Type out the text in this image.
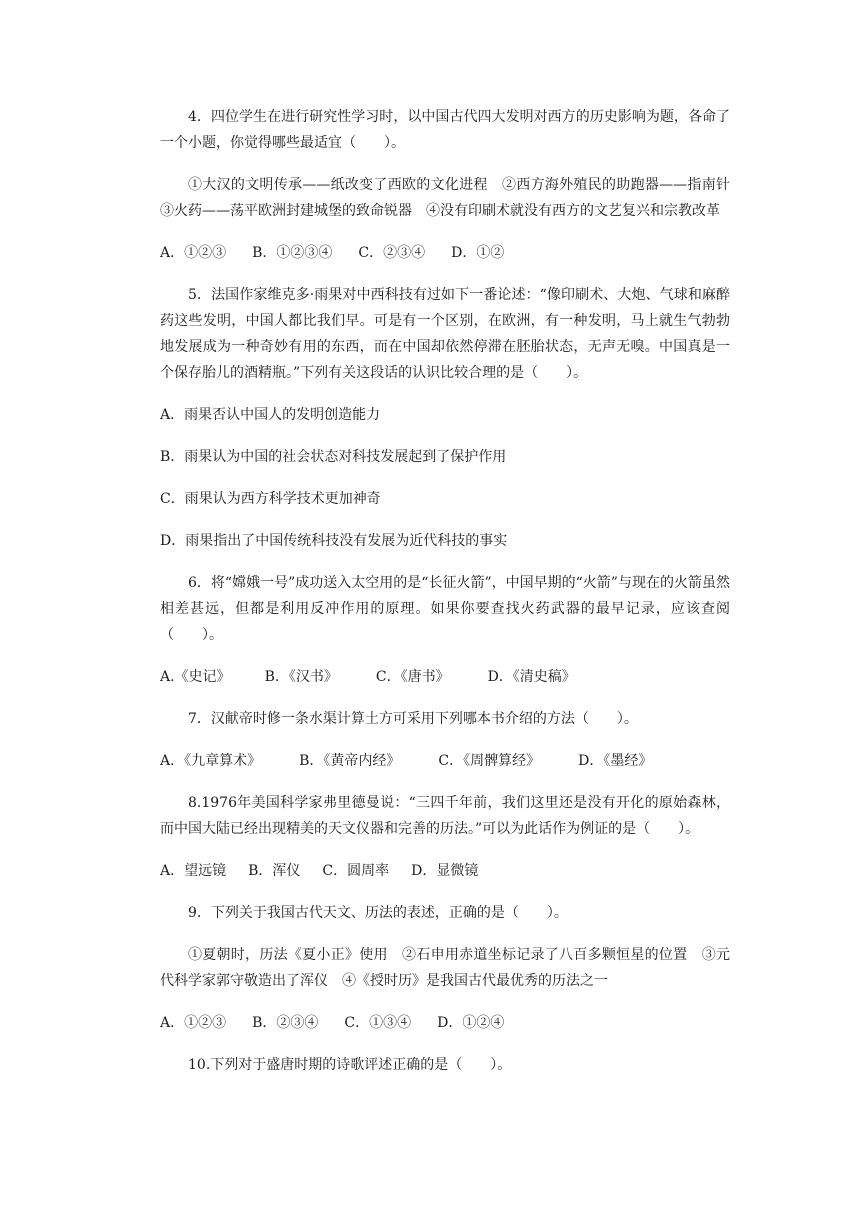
4．四位学生在进行研究性学习时，以中国古代四大发明对西方的历史影响为题，各命了一个小题，你觉得哪些最适宜（　　）。

①大汉的文明传承——纸改变了西欧的文化进程　②西方海外殖民的助跑器——指南针　③火药——荡平欧洲封建城堡的致命锐器　④没有印刷术就没有西方的文艺复兴和宗教改革

A．①②③ B．①②③④ C．②③④ D．①②

5．法国作家维克多·雨果对中西科技有过如下一番论述：“像印刷术、大炮、气球和麻醉药这些发明，中国人都比我们早。可是有一个区别，在欧洲，有一种发明，马上就生气勃勃地发展成为一种奇妙有用的东西，而在中国却依然停滞在胚胎状态，无声无嗅。中国真是一个保存胎儿的酒精瓶。”下列有关这段话的认识比较合理的是（　　）。

A．雨果否认中国人的发明创造能力

B．雨果认为中国的社会状态对科技发展起到了保护作用

C．雨果认为西方科学技术更加神奇

D．雨果指出了中国传统科技没有发展为近代科技的事实

6．将“嫦娥一号”成功送入太空用的是“长征火箭”，中国早期的“火箭”与现在的火箭虽然相差甚远，但都是利用反冲作用的原理。如果你要查找火药武器的最早记录，应该查阅（　　）。

A.《史记》 B．《汉书》	C．《唐书》	D．《清史稿》

7．汉献帝时修一条水渠计算土方可采用下列哪本书介绍的方法（　　）。

A．《九章算术》	B．《黄帝内经》	C．《周髀算经》	D．《墨经》

8.1976年美国科学家弗里德曼说：“三四千年前，我们这里还是没有开化的原始森林，而中国大陆已经出现精美的天文仪器和完善的历法。”可以为此话作为例证的是（　　）。

A．望远镜 B．浑仪 C．圆周率 D．显微镜

9．下列关于我国古代天文、历法的表述，正确的是（　　）。

①夏朝时，历法《夏小正》使用　②石申用赤道坐标记录了八百多颗恒星的位置　③元代科学家郭守敬造出了浑仪　④《授时历》是我国古代最优秀的历法之一

A．①②③ B．②③④ C．①③④ D．①②④

10.下列对于盛唐时期的诗歌评述正确的是（　　）。
